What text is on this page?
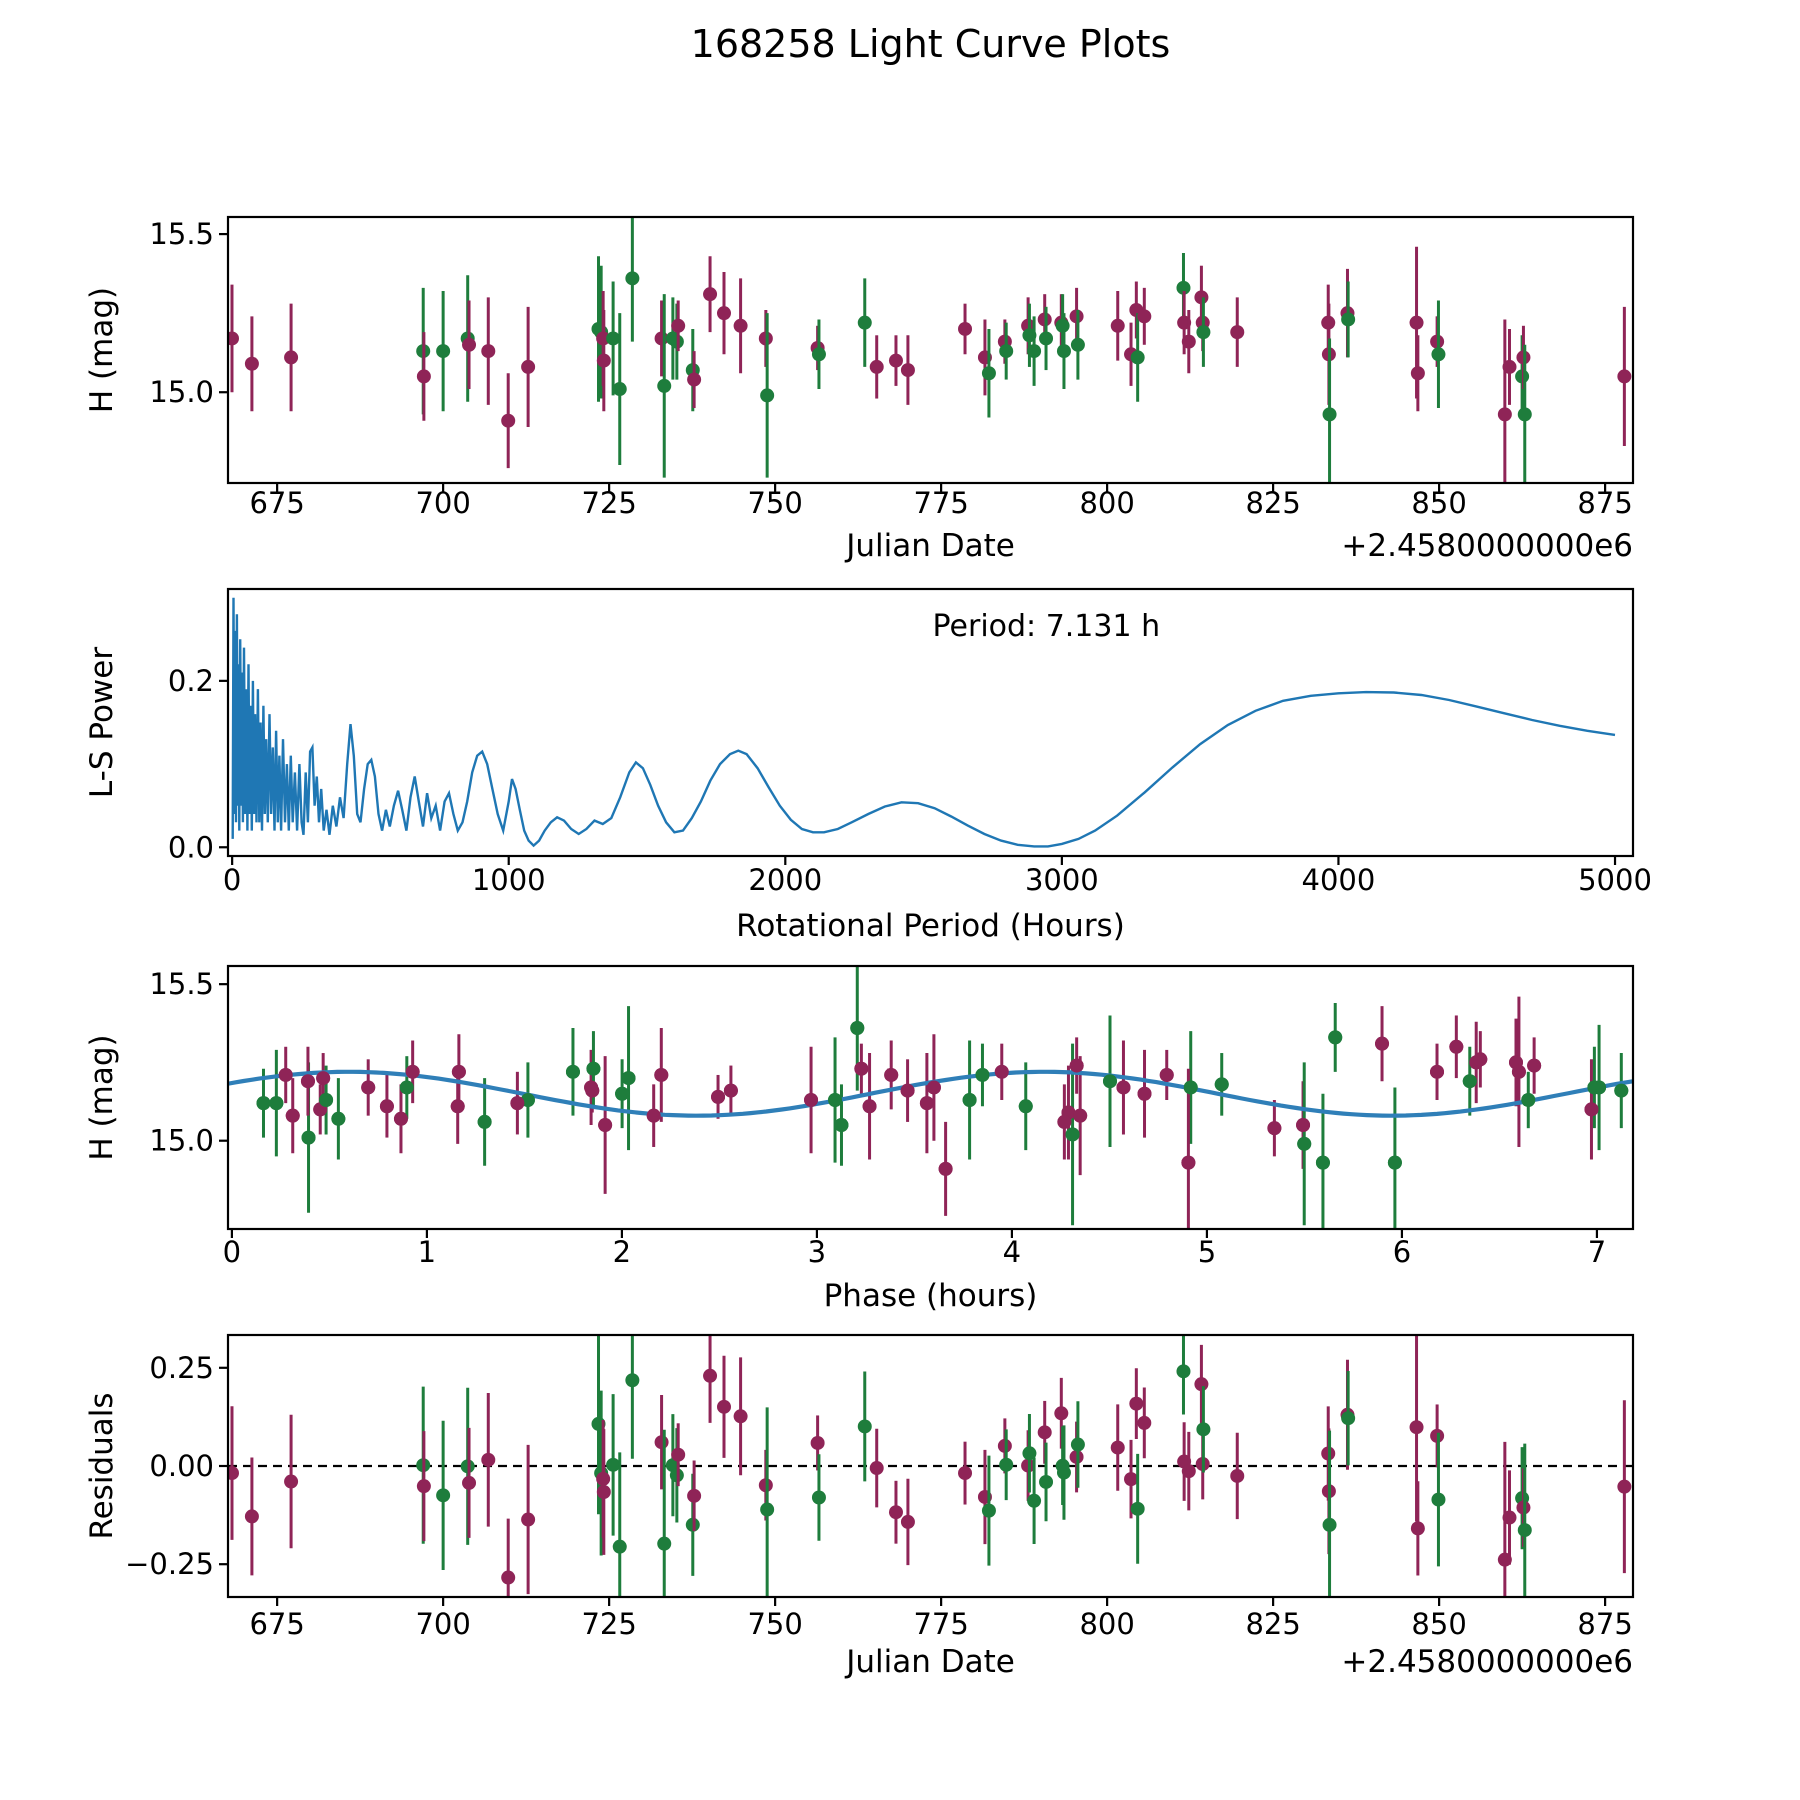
168258 Light Curve Plots
675	700	725	750	775	800	825	850	875
15.0
15.5
Julian Date	+2.4580000000e6
H (mag)
0	1000	2000	3000	4000	5000
0.0
0.2
Rotational Period (Hours)
L-S Power
Period: 7.131 h
0	1	2	3	4	5	6	7
15.0
15.5
Phase (hours)
H (mag)
675	700	725	750	775	800	825	850	875
−0.25
0.00
0.25
Julian Date	+2.4580000000e6
Residuals
